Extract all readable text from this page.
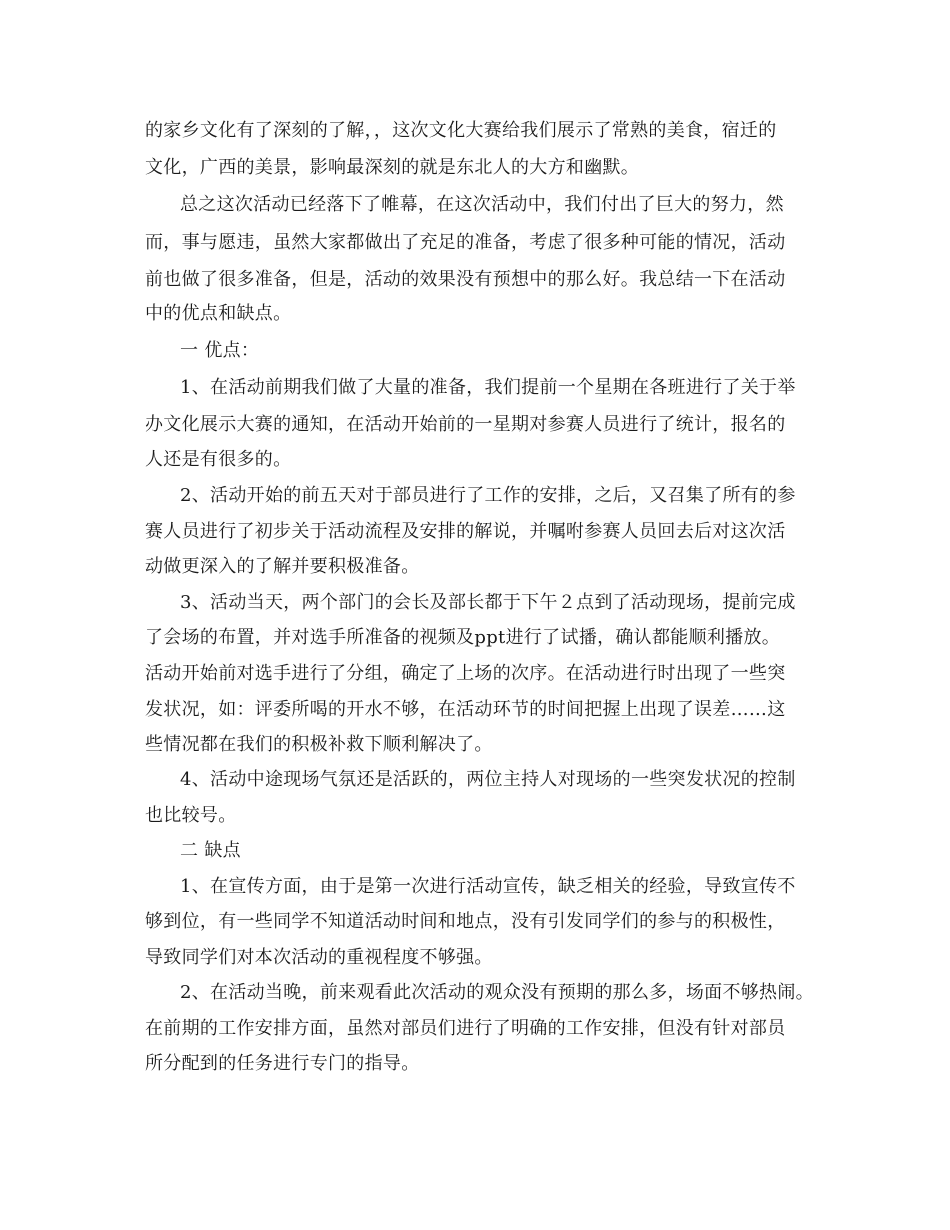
的家乡文化有了深刻的了解，，这次文化大赛给我们展示了常熟的美食，宿迁的
文化，广西的美景，影响最深刻的就是东北人的大方和幽默。
总之这次活动已经落下了帷幕，在这次活动中，我们付出了巨大的努力，然
而，事与愿违，虽然大家都做出了充足的准备，考虑了很多种可能的情况，活动
前也做了很多准备，但是，活动的效果没有预想中的那么好。我总结一下在活动
中的优点和缺点。
一 优点：
1、在活动前期我们做了大量的准备，我们提前一个星期在各班进行了关于举
办文化展示大赛的通知，在活动开始前的一星期对参赛人员进行了统计，报名的
人还是有很多的。
2、活动开始的前五天对于部员进行了工作的安排，之后，又召集了所有的参
赛人员进行了初步关于活动流程及安排的解说，并嘱咐参赛人员回去后对这次活
动做更深入的了解并要积极准备。
3、活动当天，两个部门的会长及部长都于下午２点到了活动现场，提前完成
了会场的布置，并对选手所准备的视频及ppt进行了试播，确认都能顺利播放。
活动开始前对选手进行了分组，确定了上场的次序。在活动进行时出现了一些突
发状况，如：评委所喝的开水不够，在活动环节的时间把握上出现了误差……这
些情况都在我们的积极补救下顺利解决了。
4、活动中途现场气氛还是活跃的，两位主持人对现场的一些突发状况的控制
也比较号。
二 缺点
1、在宣传方面，由于是第一次进行活动宣传，缺乏相关的经验，导致宣传不
够到位，有一些同学不知道活动时间和地点，没有引发同学们的参与的积极性，
导致同学们对本次活动的重视程度不够强。
2、在活动当晚，前来观看此次活动的观众没有预期的那么多，场面不够热闹。
在前期的工作安排方面，虽然对部员们进行了明确的工作安排，但没有针对部员
所分配到的任务进行专门的指导。
